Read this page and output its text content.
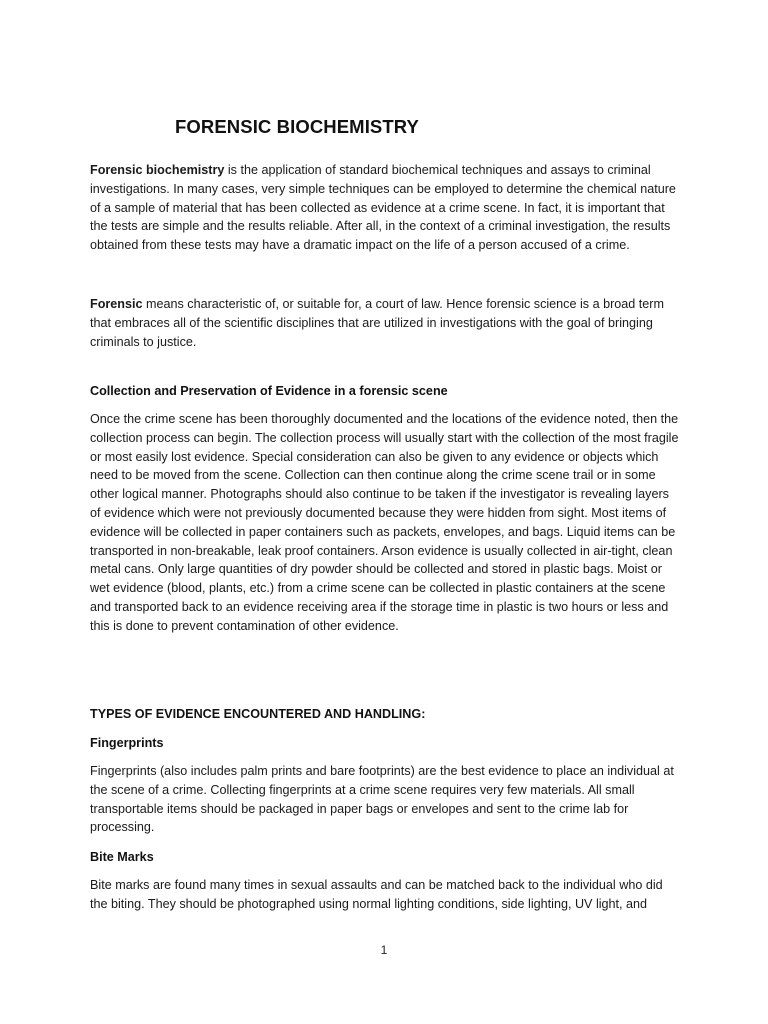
FORENSIC BIOCHEMISTRY

Forensic biochemistry is the application of standard biochemical techniques and assays to criminal investigations. In many cases, very simple techniques can be employed to determine the chemical nature of a sample of material that has been collected as evidence at a crime scene. In fact, it is important that the tests are simple and the results reliable. After all, in the context of a criminal investigation, the results obtained from these tests may have a dramatic impact on the life of a person accused of a crime.

Forensic means characteristic of, or suitable for, a court of law. Hence forensic science is a broad term that embraces all of the scientific disciplines that are utilized in investigations with the goal of bringing criminals to justice.

Collection and Preservation of Evidence in a forensic scene

Once the crime scene has been thoroughly documented and the locations of the evidence noted, then the collection process can begin. The collection process will usually start with the collection of the most fragile or most easily lost evidence. Special consideration can also be given to any evidence or objects which need to be moved from the scene. Collection can then continue along the crime scene trail or in some other logical manner. Photographs should also continue to be taken if the investigator is revealing layers of evidence which were not previously documented because they were hidden from sight. Most items of evidence will be collected in paper containers such as packets, envelopes, and bags. Liquid items can be transported in non-breakable, leak proof containers. Arson evidence is usually collected in air-tight, clean metal cans. Only large quantities of dry powder should be collected and stored in plastic bags. Moist or wet evidence (blood, plants, etc.) from a crime scene can be collected in plastic containers at the scene and transported back to an evidence receiving area if the storage time in plastic is two hours or less and this is done to prevent contamination of other evidence.

TYPES OF EVIDENCE ENCOUNTERED AND HANDLING:
Fingerprints

Fingerprints (also includes palm prints and bare footprints) are the best evidence to place an individual at the scene of a crime. Collecting fingerprints at a crime scene requires very few materials. All small transportable items should be packaged in paper bags or envelopes and sent to the crime lab for processing.

Bite Marks

Bite marks are found many times in sexual assaults and can be matched back to the individual who did the biting. They should be photographed using normal lighting conditions, side lighting, UV light, and

1
